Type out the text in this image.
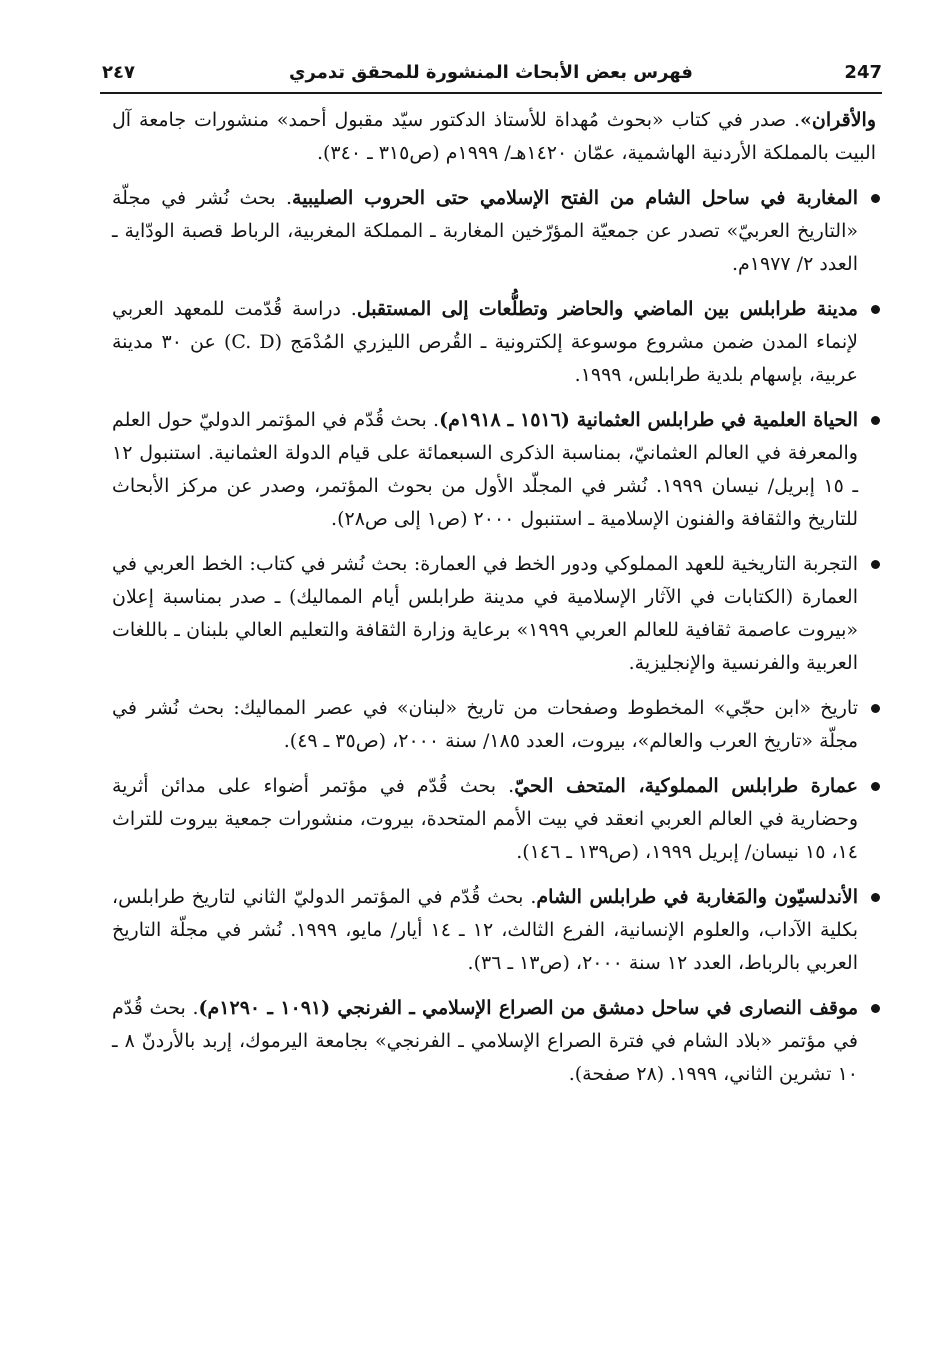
٢٤٧	فهرس بعض الأبحاث المنشورة للمحقق تدمري	247
والأقران». صدر في كتاب «بحوث مُهداة للأستاذ الدكتور سيّد مقبول أحمد» منشورات جامعة آل البيت بالمملكة الأردنية الهاشمية، عمّان ١٤٢٠هـ/ ١٩٩٩م (ص٣١٥ ـ ٣٤٠).
المغاربة في ساحل الشام من الفتح الإسلامي حتى الحروب الصليبية. بحث نُشر في مجلّة «التاريخ العربيّ» تصدر عن جمعيّة المؤرّخين المغاربة ـ المملكة المغربية، الرباط قصبة الودّاية ـ العدد ٢/ ١٩٧٧م.
مدينة طرابلس بين الماضي والحاضر وتطلُّعات إلى المستقبل. دراسة قُدّمت للمعهد العربي لإنماء المدن ضمن مشروع موسوعة إلكترونية ـ القُرص الليزري المُدْمَج (C. D) عن ٣٠ مدينة عربية، بإسهام بلدية طرابلس، ١٩٩٩.
الحياة العلمية في طرابلس العثمانية (١٥١٦ ـ ١٩١٨م). بحث قُدّم في المؤتمر الدوليّ حول العلم والمعرفة في العالم العثمانيّ، بمناسبة الذكرى السبعمائة على قيام الدولة العثمانية. استنبول ١٢ ـ ١٥ إبريل/ نيسان ١٩٩٩. نُشر في المجلّد الأول من بحوث المؤتمر، وصدر عن مركز الأبحاث للتاريخ والثقافة والفنون الإسلامية ـ استنبول ٢٠٠٠ (ص١ إلى ص٢٨).
التجربة التاريخية للعهد المملوكي ودور الخط في العمارة: بحث نُشر في كتاب: الخط العربي في العمارة (الكتابات في الآثار الإسلامية في مدينة طرابلس أيام المماليك) ـ صدر بمناسبة إعلان «بيروت عاصمة ثقافية للعالم العربي ١٩٩٩» برعاية وزارة الثقافة والتعليم العالي بلبنان ـ باللغات العربية والفرنسية والإنجليزية.
تاريخ «ابن حجّي» المخطوط وصفحات من تاريخ «لبنان» في عصر المماليك: بحث نُشر في مجلّة «تاريخ العرب والعالم»، بيروت، العدد ١٨٥/ سنة ٢٠٠٠، (ص٣٥ ـ ٤٩).
عمارة طرابلس المملوكية، المتحف الحيّ. بحث قُدّم في مؤتمر أضواء على مدائن أثرية وحضارية في العالم العربي انعقد في بيت الأمم المتحدة، بيروت، منشورات جمعية بيروت للتراث ١٤، ١٥ نيسان/ إبريل ١٩٩٩، (ص١٣٩ ـ ١٤٦).
الأندلسيّون والمَغاربة في طرابلس الشام. بحث قُدّم في المؤتمر الدوليّ الثاني لتاريخ طرابلس، بكلية الآداب، والعلوم الإنسانية، الفرع الثالث، ١٢ ـ ١٤ أيار/ مايو، ١٩٩٩. نُشر في مجلّة التاريخ العربي بالرباط، العدد ١٢ سنة ٢٠٠٠، (ص١٣ ـ ٣٦).
موقف النصارى في ساحل دمشق من الصراع الإسلامي ـ الفرنجي (١٠٩١ ـ ١٢٩٠م). بحث قُدّم في مؤتمر «بلاد الشام في فترة الصراع الإسلامي ـ الفرنجي» بجامعة اليرموك، إربد بالأردنّ ٨ ـ ١٠ تشرين الثاني، ١٩٩٩. (٢٨ صفحة).
